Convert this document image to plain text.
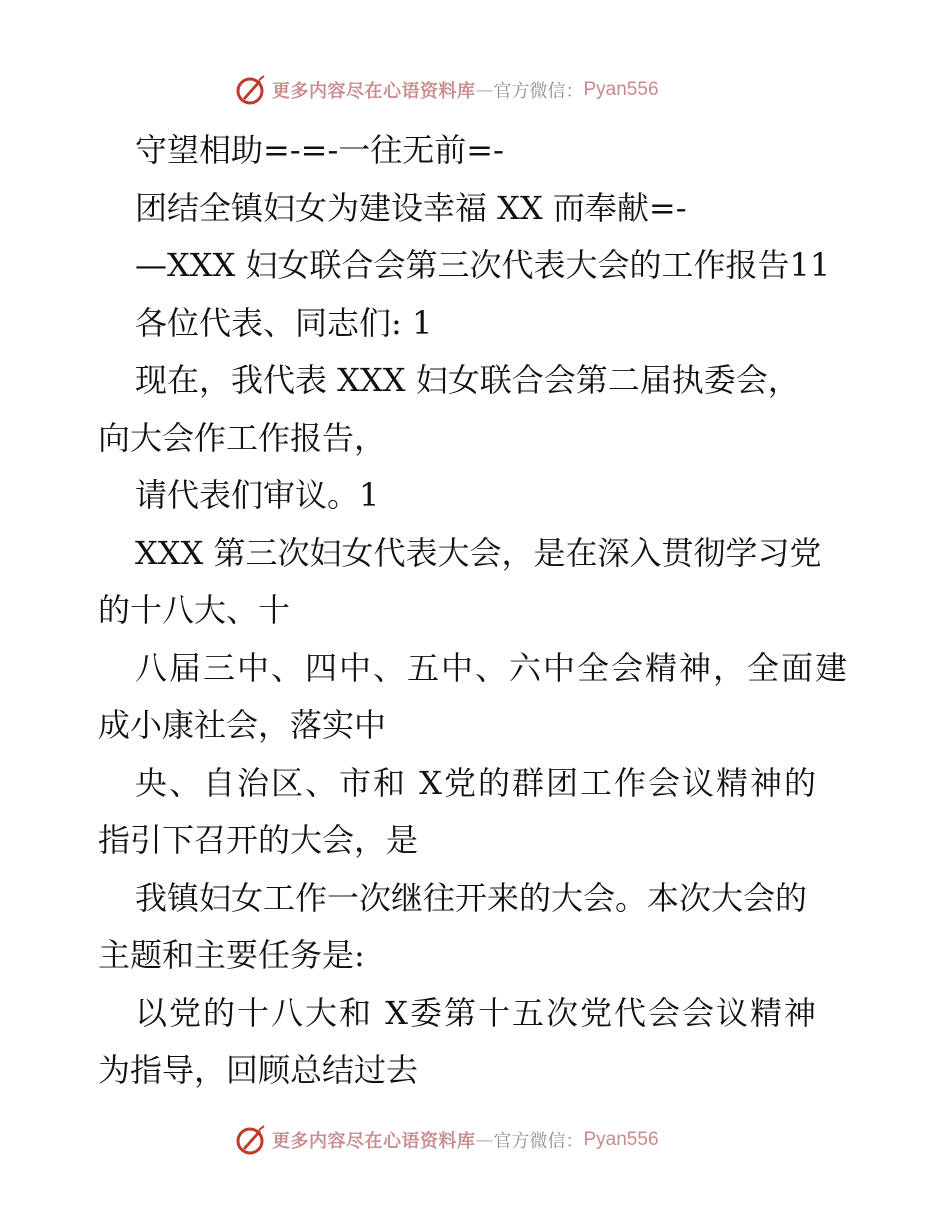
更多内容尽在心语资料库 — 官方微信： Pyan556

守望相助=-=-一往无前=-

团结全镇妇女为建设幸福 XX 而奉献=-

—XXX 妇女联合会第三次代表大会的工作报告11

各位代表、同志们: 1

现在，我代表 XXX 妇女联合会第二届执委会，

向大会作工作报告，

请代表们审议。1

XXX 第三次妇女代表大会，是在深入贯彻学习党

的十八大、十

八届三中、四中、五中、六中全会精神，全面建

成小康社会，落实中

央、自治区、市和 X党的群团工作会议精神的

指引下召开的大会，是

我镇妇女工作一次继往开来的大会。本次大会的

主题和主要任务是:

以党的十八大和 X委第十五次党代会会议精神

为指导，回顾总结过去

更多内容尽在心语资料库 — 官方微信： Pyan556
